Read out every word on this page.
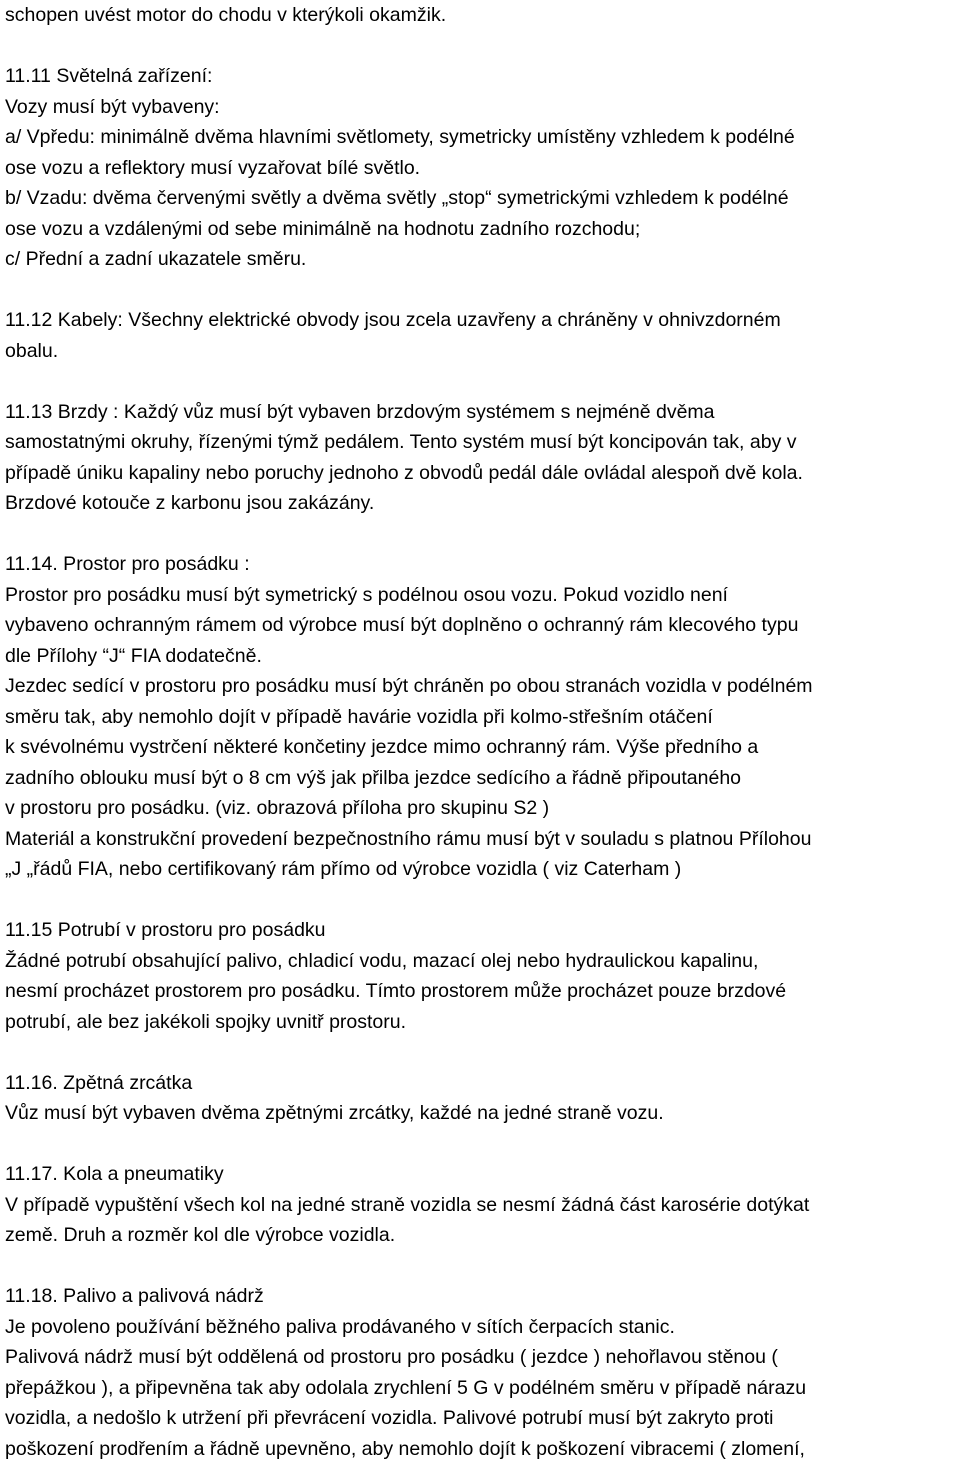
schopen uvést motor do chodu v kterýkoli okamžik.

11.11 Světelná zařízení:

Vozy musí být vybaveny:

a/ Vpředu: minimálně dvěma hlavními světlomety, symetricky umístěny vzhledem k podélné

ose vozu a reflektory musí vyzařovat bílé světlo.

b/ Vzadu: dvěma červenými světly a dvěma světly „stop“ symetrickými vzhledem k podélné

ose vozu a vzdálenými od sebe minimálně na hodnotu zadního rozchodu;

c/ Přední a zadní ukazatele směru.

11.12 Kabely: Všechny elektrické obvody jsou zcela uzavřeny a chráněny v ohnivzdorném

obalu.

11.13 Brzdy : Každý vůz musí být vybaven brzdovým systémem s nejméně dvěma

samostatnými okruhy, řízenými týmž pedálem. Tento systém musí být koncipován tak, aby v

případě úniku kapaliny nebo poruchy jednoho z obvodů pedál dále ovládal alespoň dvě kola.

Brzdové kotouče z karbonu jsou zakázány.

11.14. Prostor pro posádku :

Prostor pro posádku musí být symetrický s podélnou osou vozu. Pokud vozidlo není

vybaveno ochranným rámem od výrobce musí být doplněno o ochranný rám klecového typu

dle Přílohy “J“ FIA dodatečně.

Jezdec sedící v prostoru pro posádku musí být chráněn po obou stranách vozidla v podélném

směru tak, aby nemohlo dojít v případě havárie vozidla při kolmo-střešním otáčení

k svévolnému vystrčení některé končetiny jezdce mimo ochranný rám. Výše předního a

zadního oblouku musí být o 8 cm výš jak přilba jezdce sedícího a řádně připoutaného

v prostoru pro posádku. (viz. obrazová příloha pro skupinu S2 )

Materiál a konstrukční provedení bezpečnostního rámu musí být v souladu s platnou Přílohou

„J „řádů FIA, nebo certifikovaný rám přímo od výrobce vozidla ( viz Caterham )

11.15 Potrubí v prostoru pro posádku

Žádné potrubí obsahující palivo, chladicí vodu, mazací olej nebo hydraulickou kapalinu,

nesmí procházet prostorem pro posádku. Tímto prostorem může procházet pouze brzdové

potrubí, ale bez jakékoli spojky uvnitř prostoru.

11.16. Zpětná zrcátka

Vůz musí být vybaven dvěma zpětnými zrcátky, každé na jedné straně vozu.

11.17. Kola a pneumatiky

V případě vypuštění všech kol na jedné straně vozidla se nesmí žádná část karosérie dotýkat

země. Druh a rozměr kol dle výrobce vozidla.

11.18. Palivo a palivová nádrž

Je povoleno používání běžného paliva prodávaného v sítích čerpacích stanic.

Palivová nádrž musí být oddělená od prostoru pro posádku ( jezdce ) nehořlavou stěnou (

přepážkou ), a připevněna tak aby odolala zrychlení 5 G v podélném směru v případě nárazu

vozidla, a nedošlo k utržení při převrácení vozidla. Palivové potrubí musí být zakryto proti

poškození prodřením a řádně upevněno, aby nemohlo dojít k poškození vibracemi ( zlomení,
